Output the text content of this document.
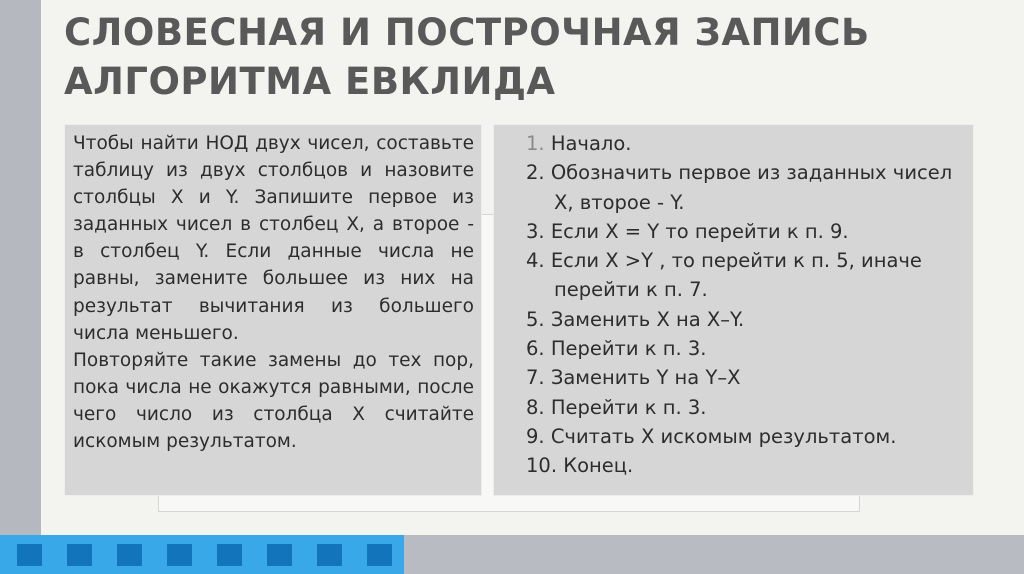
СЛОВЕСНАЯ И ПОСТРОЧНАЯ ЗАПИСЬ
АЛГОРИТМА ЕВКЛИДА

Чтобы найти НОД двух чисел, составьте таблицу из двух столбцов и назовите столбцы X и Y. Запишите первое из заданных чисел в столбец X, а второе - в столбец Y. Если данные числа не равны, замените большее из них на результат вычитания из большего числа меньшего.

Повторяйте такие замены до тех пор, пока числа не окажутся равными, после чего число из столбца X считайте искомым результатом.

1. Начало.
2. Обозначить первое из заданных чисел X, второе - Y.
3. Если X = Y то перейти к п. 9.
4. Если X >Y , то перейти к п. 5, иначе перейти к п. 7.
5. Заменить X на X–Y.
6. Перейти к п. 3.
7. Заменить Y на Y–X
8. Перейти к п. 3.
9. Считать X искомым результатом.
10. Конец.
